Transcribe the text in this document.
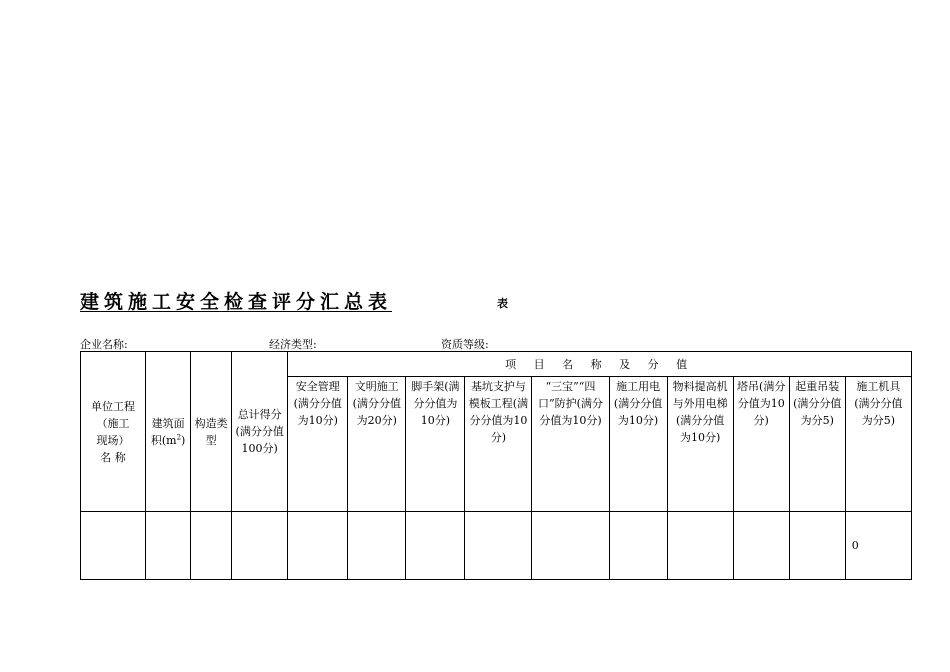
建筑施工安全检查评分汇总表	表
企业名称:	经济类型:	资质等级:
单位工程
（施工
现场）
名 称	建筑面积$(m^2)$	构造类型	总计得分(满分分值100分)	项 目 名 称 及 分 值									
				安全管理(满分分值为10分)	文明施工(满分分值为20分)	脚手架(满分分值为10分)	基坑支护与模板工程(满分分值为10分)	“三宝”“四口”防护(满分分值为10分)	施工用电(满分分值为10分)	物料提高机与外用电梯(满分分值为10分)	塔吊(满分分值为10分)	起重吊装(满分分值为分5)	施工机具(满分分值为分5)
													0
